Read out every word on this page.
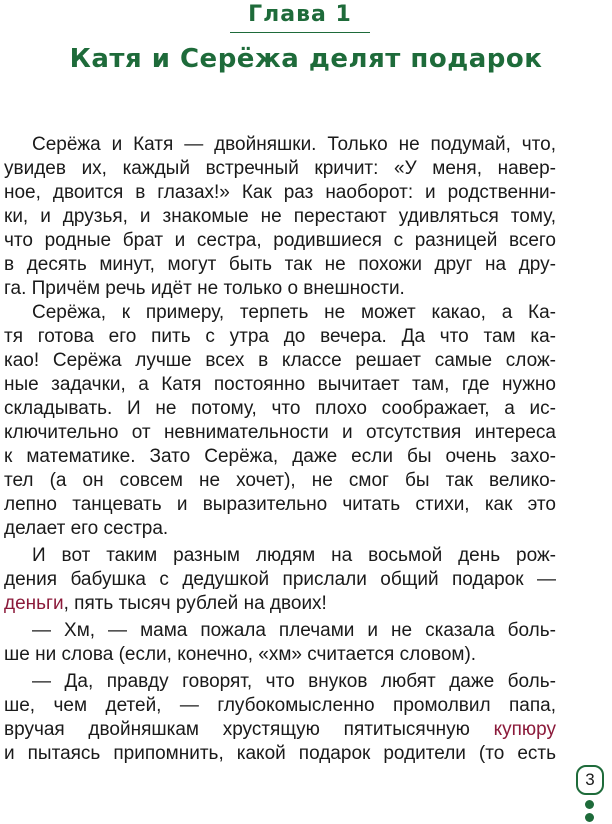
Глава 1
Катя и Серёжа делят подарок
Серёжа и Катя — двойняшки. Только не подумай, что,
увидев их, каждый встречный кричит: «У меня, навер-
ное, двоится в глазах!» Как раз наоборот: и родственни-
ки, и друзья, и знакомые не перестают удивляться тому,
что родные брат и сестра, родившиеся с разницей всего
в десять минут, могут быть так не похожи друг на дру-
га. Причём речь идёт не только о внешности.
Серёжа, к примеру, терпеть не может какао, а Ка-
тя готова его пить с утра до вечера. Да что там ка-
као! Серёжа лучше всех в классе решает самые слож-
ные задачки, а Катя постоянно вычитает там, где нужно
складывать. И не потому, что плохо соображает, а ис-
ключительно от невнимательности и отсутствия интереса
к математике. Зато Серёжа, даже если бы очень захо-
тел (а он совсем не хочет), не смог бы так велико-
лепно танцевать и выразительно читать стихи, как это
делает его сестра.
И вот таким разным людям на восьмой день рож-
дения бабушка с дедушкой прислали общий подарок —
деньги, пять тысяч рублей на двоих!
— Хм, — мама пожала плечами и не сказала боль-
ше ни слова (если, конечно, «хм» считается словом).
— Да, правду говорят, что внуков любят даже боль-
ше, чем детей, — глубокомысленно промолвил папа,
вручая двойняшкам хрустящую пятитысячную купюру
и пытаясь припомнить, какой подарок родители (то есть
3
